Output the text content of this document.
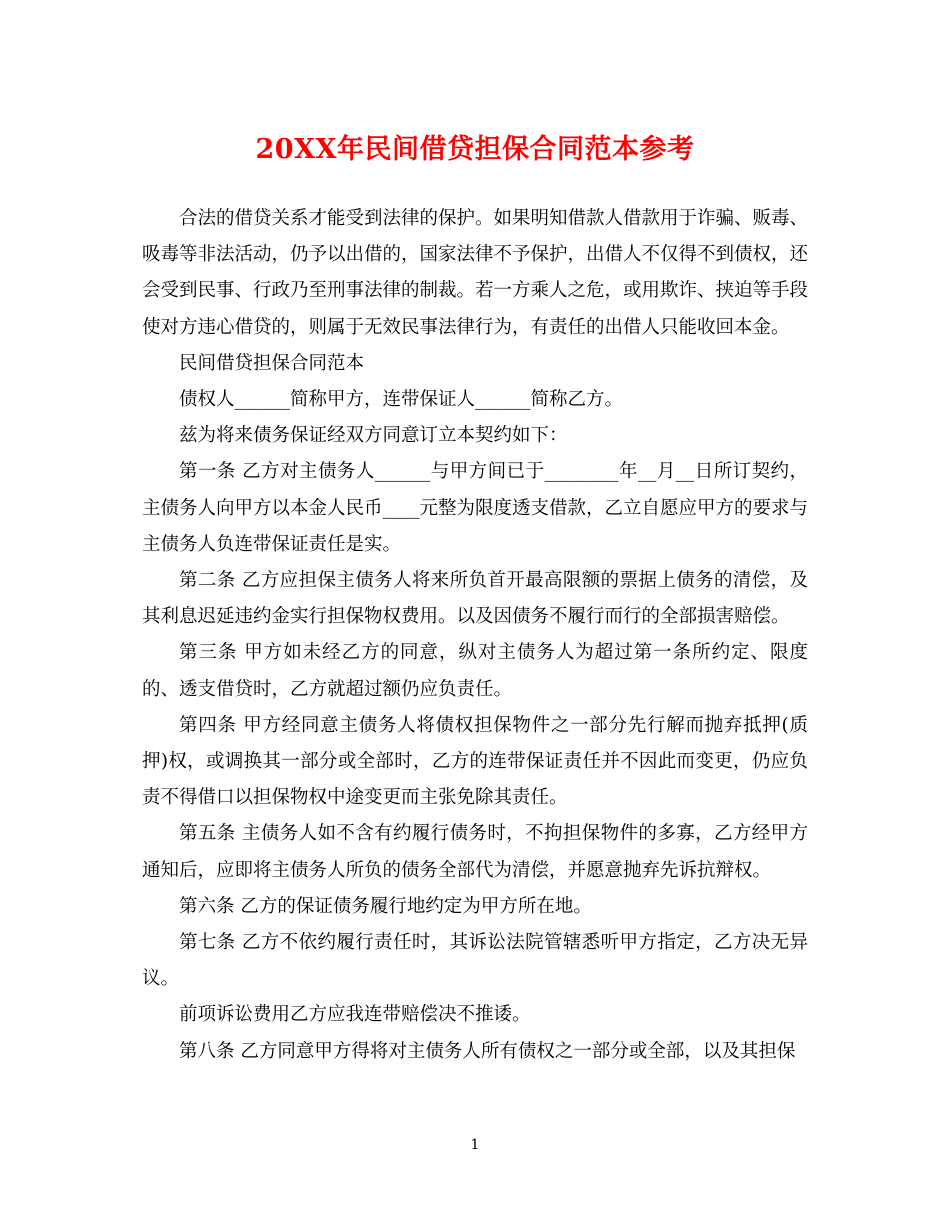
20XX年民间借贷担保合同范本参考

合法的借贷关系才能受到法律的保护。如果明知借款人借款用于诈骗、贩毒、吸毒等非法活动，仍予以出借的，国家法律不予保护，出借人不仅得不到债权，还会受到民事、行政乃至刑事法律的制裁。若一方乘人之危，或用欺诈、挟迫等手段使对方违心借贷的，则属于无效民事法律行为，有责任的出借人只能收回本金。

民间借贷担保合同范本

债权人______简称甲方，连带保证人______简称乙方。

兹为将来债务保证经双方同意订立本契约如下：

第一条 乙方对主债务人______与甲方间已于________年__月__日所订契约，主债务人向甲方以本金人民币____元整为限度透支借款，乙立自愿应甲方的要求与主债务人负连带保证责任是实。

第二条 乙方应担保主债务人将来所负首开最高限额的票据上债务的清偿，及其利息迟延违约金实行担保物权费用。以及因债务不履行而行的全部损害赔偿。

第三条 甲方如未经乙方的同意，纵对主债务人为超过第一条所约定、限度的、透支借贷时，乙方就超过额仍应负责任。

第四条 甲方经同意主债务人将债权担保物件之一部分先行解而抛弃抵押(质押)权，或调换其一部分或全部时，乙方的连带保证责任并不因此而变更，仍应负责不得借口以担保物权中途变更而主张免除其责任。

第五条 主债务人如不含有约履行债务时，不拘担保物件的多寡，乙方经甲方通知后，应即将主债务人所负的债务全部代为清偿，并愿意抛弃先诉抗辩权。

第六条 乙方的保证债务履行地约定为甲方所在地。

第七条 乙方不依约履行责任时，其诉讼法院管辖悉听甲方指定，乙方决无异议。

前项诉讼费用乙方应我连带赔偿决不推诿。

第八条 乙方同意甲方得将对主债务人所有债权之一部分或全部，以及其担保

1
